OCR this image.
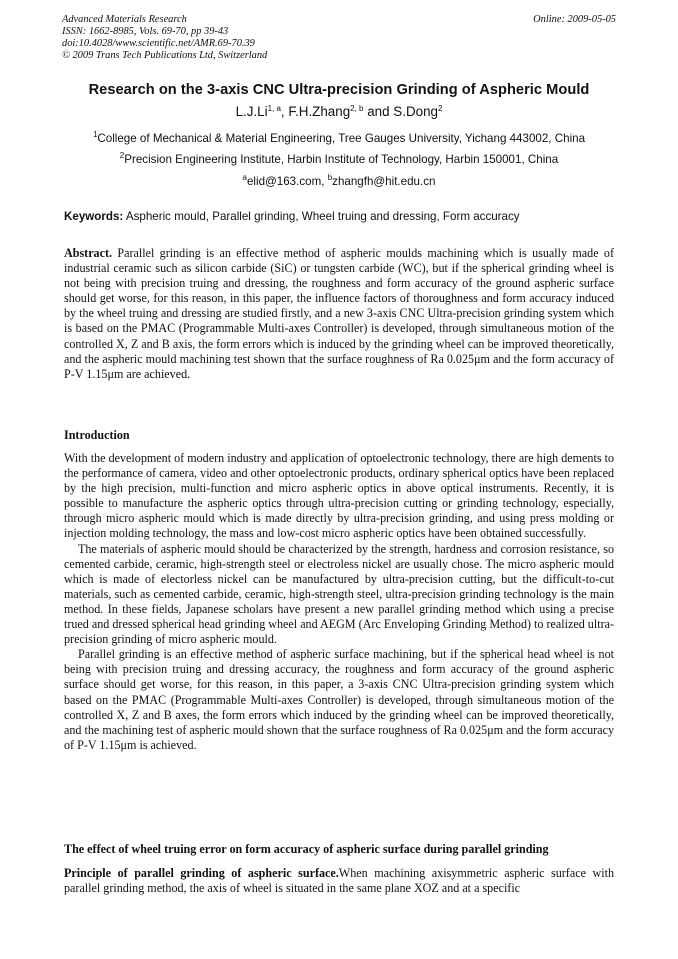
Advanced Materials Research
ISSN: 1662-8985, Vols. 69-70, pp 39-43
doi:10.4028/www.scientific.net/AMR.69-70.39
© 2009 Trans Tech Publications Ltd, Switzerland
Online: 2009-05-05
Research on the 3-axis CNC Ultra-precision Grinding of Aspheric Mould
L.J.Li$^{1, a}$, F.H.Zhang$^{2, b}$ and S.Dong$^2$
$^1$College of Mechanical & Material Engineering, Tree Gauges University, Yichang 443002, China
$^2$Precision Engineering Institute, Harbin Institute of Technology, Harbin 150001, China
$^a$elid@163.com, $^b$zhangfh@hit.edu.cn
Keywords: Aspheric mould, Parallel grinding, Wheel truing and dressing, Form accuracy
Abstract. Parallel grinding is an effective method of aspheric moulds machining which is usually made of industrial ceramic such as silicon carbide (SiC) or tungsten carbide (WC), but if the spherical grinding wheel is not being with precision truing and dressing, the roughness and form accuracy of the ground aspheric surface should get worse, for this reason, in this paper, the influence factors of thoroughness and form accuracy induced by the wheel truing and dressing are studied firstly, and a new 3-axis CNC Ultra-precision grinding system which is based on the PMAC (Programmable Multi-axes Controller) is developed, through simultaneous motion of the controlled X, Z and B axis, the form errors which is induced by the grinding wheel can be improved theoretically, and the aspheric mould machining test shown that the surface roughness of Ra 0.025μm and the form accuracy of P-V 1.15μm are achieved.
Introduction

With the development of modern industry and application of optoelectronic technology, there are high dements to the performance of camera, video and other optoelectronic products, ordinary spherical optics have been replaced by the high precision, multi-function and micro aspheric optics in above optical instruments. Recently, it is possible to manufacture the aspheric optics through ultra-precision cutting or grinding technology, especially, through micro aspheric mould which is made directly by ultra-precision grinding, and using press molding or injection molding technology, the mass and low-cost micro aspheric optics have been obtained successfully.

The materials of aspheric mould should be characterized by the strength, hardness and corrosion resistance, so cemented carbide, ceramic, high-strength steel or electroless nickel are usually chose. The micro aspheric mould which is made of electorless nickel can be manufactured by ultra-precision cutting, but the difficult-to-cut materials, such as cemented carbide, ceramic, high-strength steel, ultra-precision grinding technology is the main method. In these fields, Japanese scholars have present a new parallel grinding method which using a precise trued and dressed spherical head grinding wheel and AEGM (Arc Enveloping Grinding Method) to realized ultra-precision grinding of micro aspheric mould.

Parallel grinding is an effective method of aspheric surface machining, but if the spherical head wheel is not being with precision truing and dressing accuracy, the roughness and form accuracy of the ground aspheric surface should get worse, for this reason, in this paper, a 3-axis CNC Ultra-precision grinding system which based on the PMAC (Programmable Multi-axes Controller) is developed, through simultaneous motion of the controlled X, Z and B axes, the form errors which induced by the grinding wheel can be improved theoretically, and the machining test of aspheric mould shown that the surface roughness of Ra 0.025μm and the form accuracy of P-V 1.15μm is achieved.

The effect of wheel truing error on form accuracy of aspheric surface during parallel grinding
Principle of parallel grinding of aspheric surface.When machining axisymmetric aspheric surface with parallel grinding method, the axis of wheel is situated in the same plane XOZ and at a specific
